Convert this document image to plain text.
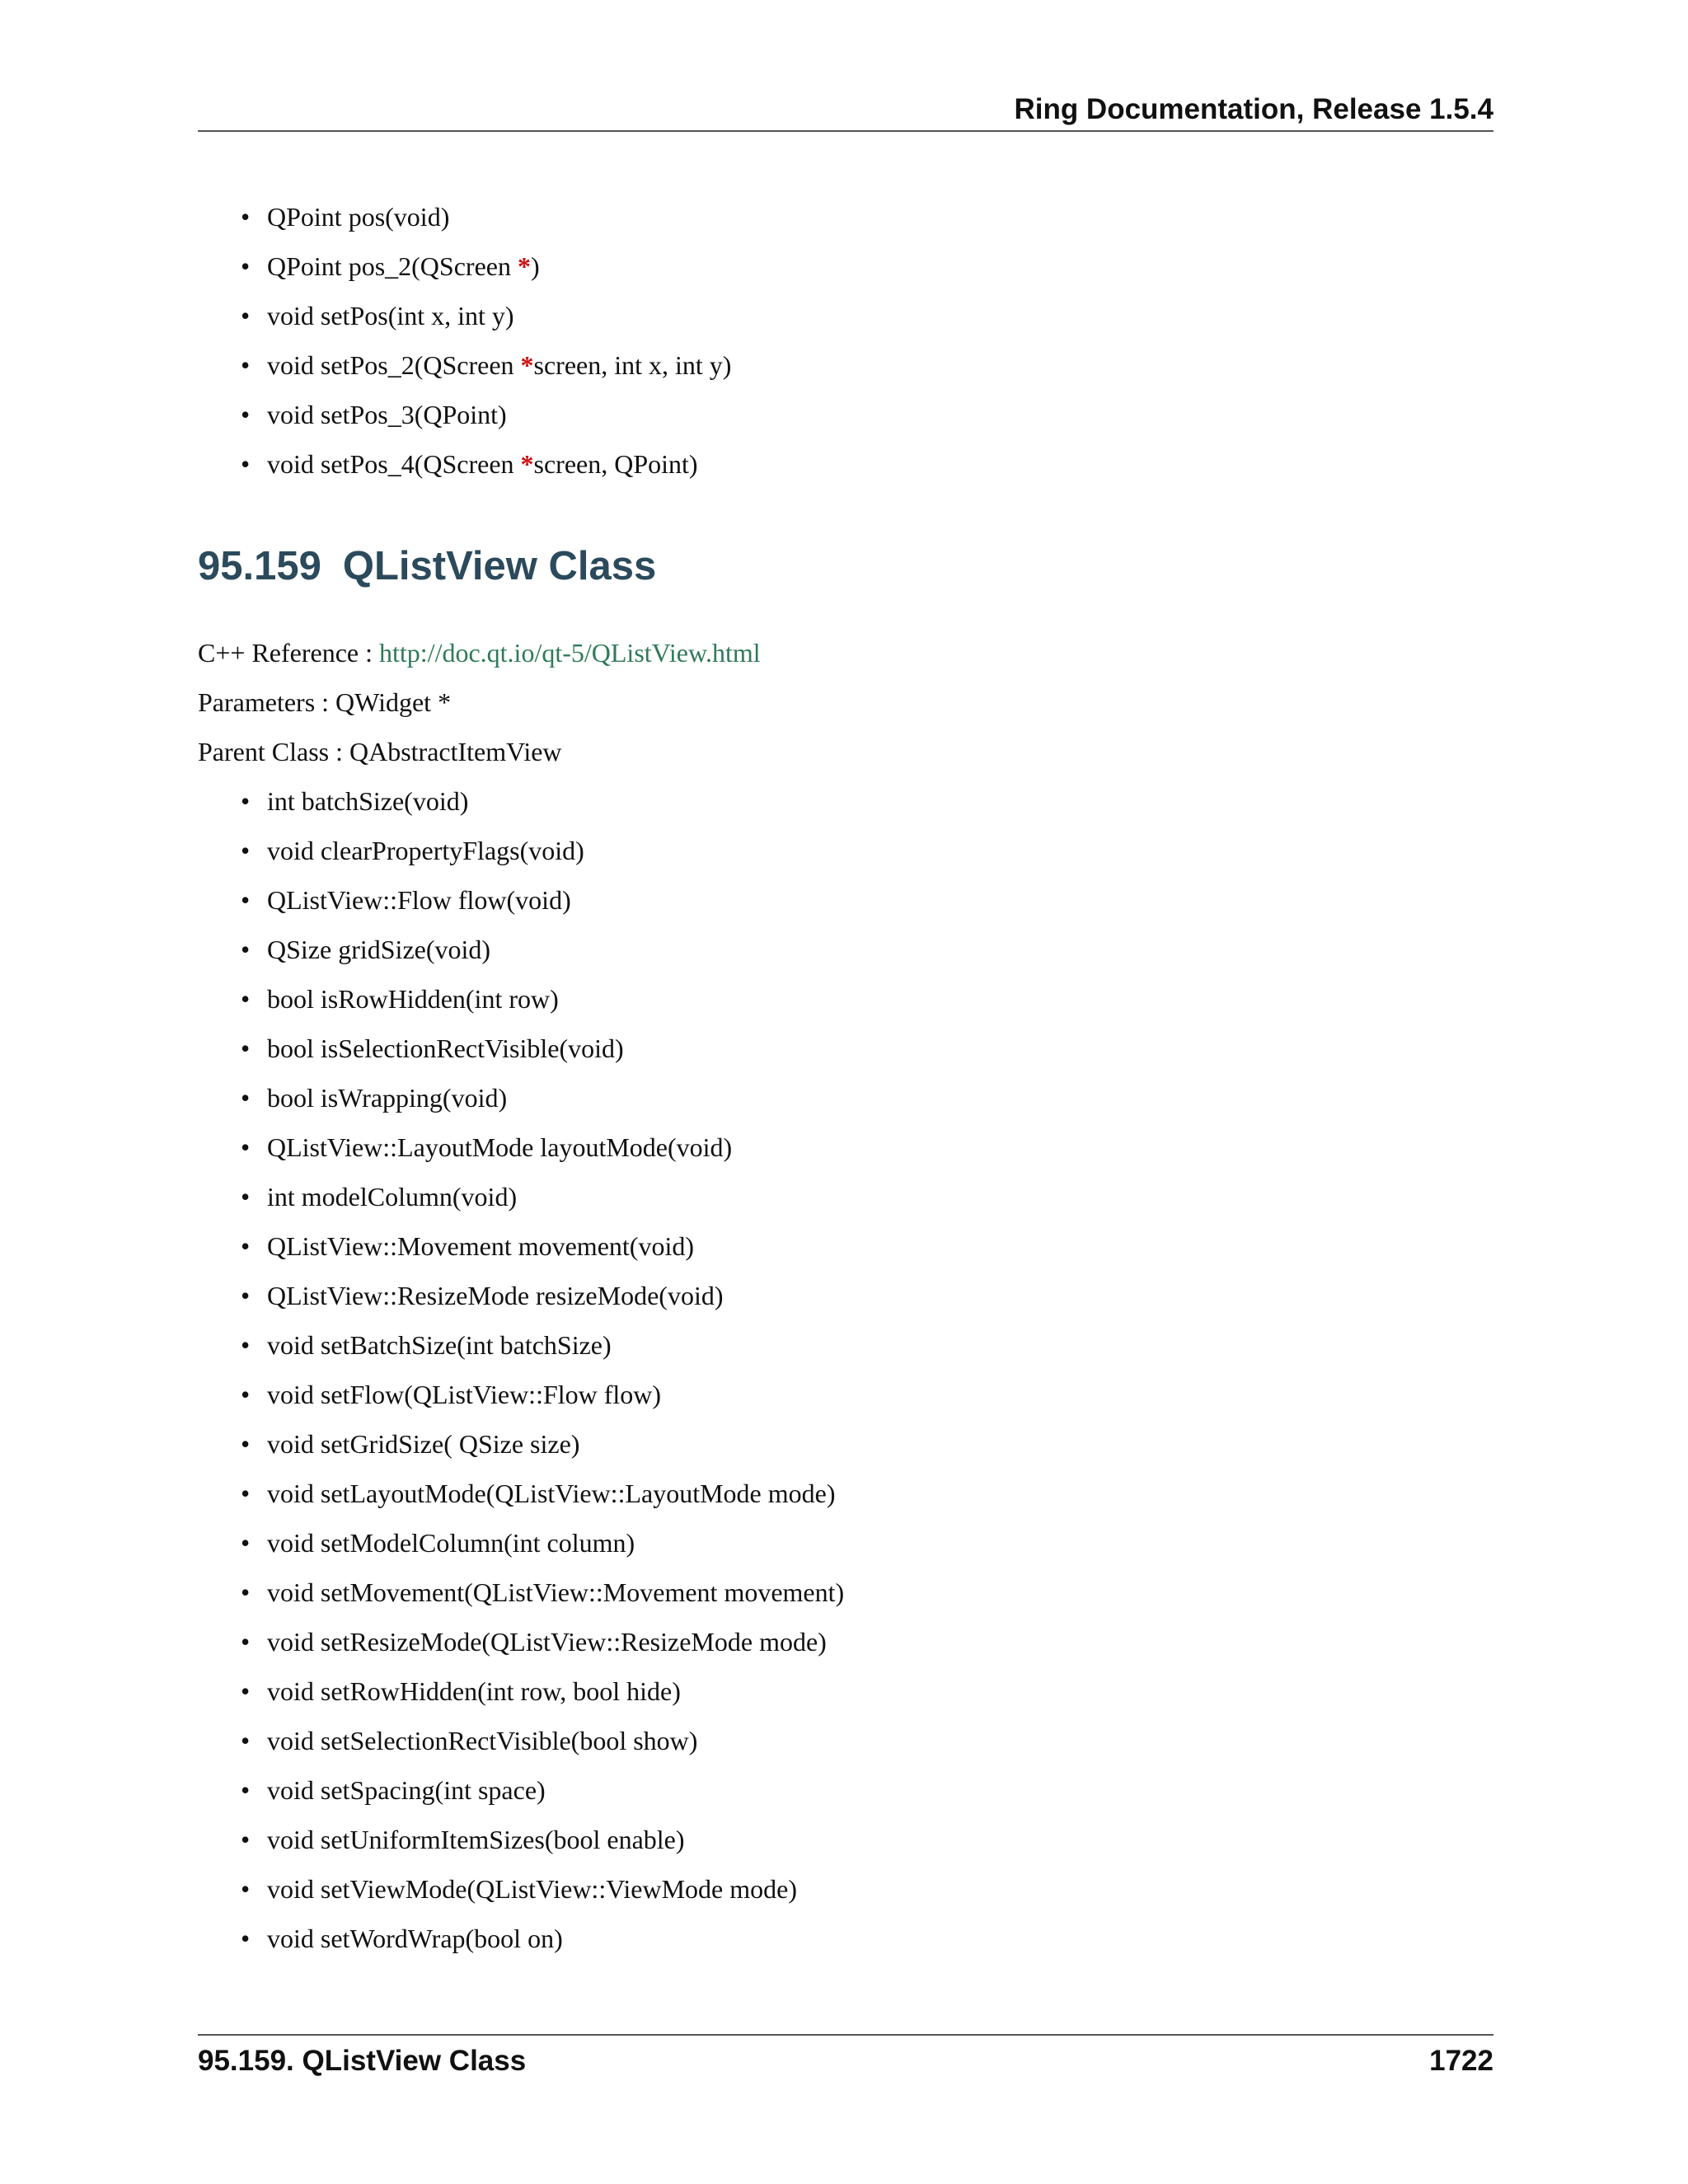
Ring Documentation, Release 1.5.4
• QPoint pos(void)
• QPoint pos_2(QScreen *)
• void setPos(int x, int y)
• void setPos_2(QScreen *screen, int x, int y)
• void setPos_3(QPoint)
• void setPos_4(QScreen *screen, QPoint)
95.159 QListView Class
C++ Reference : http://doc.qt.io/qt-5/QListView.html
Parameters : QWidget *
Parent Class : QAbstractItemView
• int batchSize(void)
• void clearPropertyFlags(void)
• QListView::Flow flow(void)
• QSize gridSize(void)
• bool isRowHidden(int row)
• bool isSelectionRectVisible(void)
• bool isWrapping(void)
• QListView::LayoutMode layoutMode(void)
• int modelColumn(void)
• QListView::Movement movement(void)
• QListView::ResizeMode resizeMode(void)
• void setBatchSize(int batchSize)
• void setFlow(QListView::Flow flow)
• void setGridSize( QSize size)
• void setLayoutMode(QListView::LayoutMode mode)
• void setModelColumn(int column)
• void setMovement(QListView::Movement movement)
• void setResizeMode(QListView::ResizeMode mode)
• void setRowHidden(int row, bool hide)
• void setSelectionRectVisible(bool show)
• void setSpacing(int space)
• void setUniformItemSizes(bool enable)
• void setViewMode(QListView::ViewMode mode)
• void setWordWrap(bool on)
95.159. QListView Class	1722
